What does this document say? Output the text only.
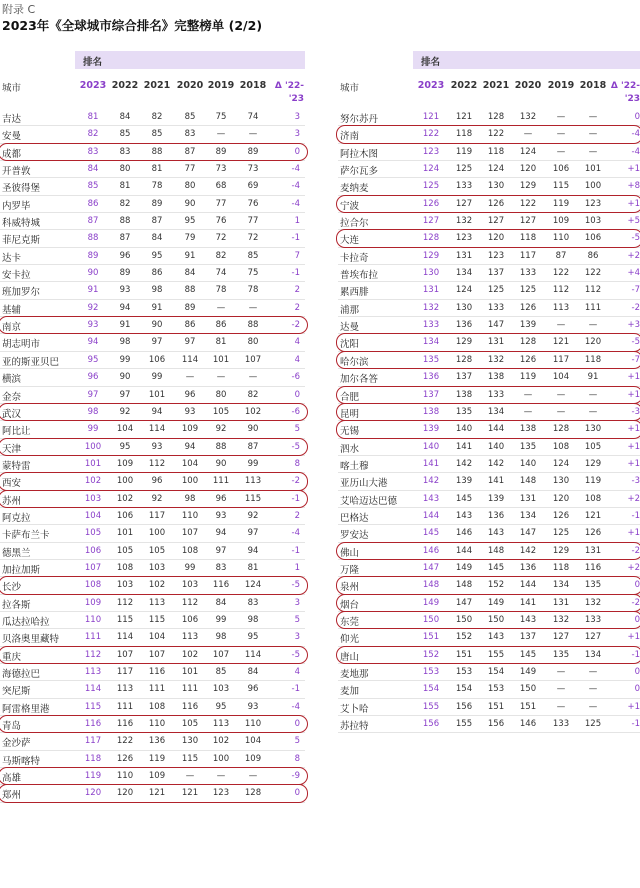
附录 C
2023年《全球城市综合排名》完整榜单 (2/2)
排名
城市	2023 2022 2021 2020 2019 2018 Δ '22-
'23
吉达	81	84	82	85	75	74	3
安曼	82	85	85	83	—	—	3
成都	83	83	88	87	89	89	0
开普敦	84	80	81	77	73	73	-4
圣彼得堡	85	81	78	80	68	69	-4
内罗毕	86	82	89	90	77	76	-4
科威特城	87	88	87	95	76	77	1
菲尼克斯	88	87	84	79	72	72	-1
达卡	89	96	95	91	82	85	7
安卡拉	90	89	86	84	74	75	-1
班加罗尔	91	93	98	88	78	78	2
基辅	92	94	91	89	—	—	2
南京	93	91	90	86	86	88	-2
胡志明市	94	98	97	97	81	80	4
亚的斯亚贝巴	95	99	106	114	101	107	4
横滨	96	90	99	—	—	—	-6
金奈	97	97	101	96	80	82	0
武汉	98	92	94	93	105	102	-6
阿比让	99	104	114	109	92	90	5
天津	100	95	93	94	88	87	-5
蒙特雷	101	109	112	104	90	99	8
西安	102	100	96	100	111	113	-2
苏州	103	102	92	98	96	115	-1
阿克拉	104	106	117	110	93	92	2
卡萨布兰卡	105	101	100	107	94	97	-4
德黑兰	106	105	105	108	97	94	-1
加拉加斯	107	108	103	99	83	81	1
长沙	108	103	102	103	116	124	-5
拉各斯	109	112	113	112	84	83	3
瓜达拉哈拉	110	115	115	106	99	98	5
贝洛奥里藏特	111	114	104	113	98	95	3
重庆	112	107	107	102	107	114	-5
海德拉巴	113	117	116	101	85	84	4
突尼斯	114	113	111	111	103	96	-1
阿雷格里港	115	111	108	116	95	93	-4
青岛	116	116	110	105	113	110	0
金沙萨	117	122	136	130	102	104	5
马斯喀特	118	126	119	115	100	109	8
高雄	119	110	109	—	—	—	-9
郑州	120	120	121	121	123	128	0
排名
城市	2023 2022 2021 2020 2019 2018 Δ '22-
'23
努尔苏丹	121	121	128	132	—	—	0
济南	122	118	122	—	—	—	-4
阿拉木图	123	119	118	124	—	—	-4
萨尔瓦多	124	125	124	120	106	101	+1
麦纳麦	125	133	130	129	115	100	+8
宁波	126	127	126	122	119	123	+1
拉合尔	127	132	127	127	109	103	+5
大连	128	123	120	118	110	106	-5
卡拉奇	129	131	123	117	87	86	+2
普埃布拉	130	134	137	133	122	122	+4
累西腓	131	124	125	125	112	112	-7
浦那	132	130	133	126	113	111	-2
达曼	133	136	147	139	—	—	+3
沈阳	134	129	131	128	121	120	-5
哈尔滨	135	128	132	126	117	118	-7
加尔各答	136	137	138	119	104	91	+1
合肥	137	138	133	—	—	—	+1
昆明	138	135	134	—	—	—	-3
无锡	139	140	144	138	128	130	+1
泗水	140	141	140	135	108	105	+1
喀土穆	141	142	142	140	124	129	+1
亚历山大港	142	139	141	148	130	119	-3
艾哈迈达巴德	143	145	139	131	120	108	+2
巴格达	144	143	136	134	126	121	-1
罗安达	145	146	143	147	125	126	+1
佛山	146	144	148	142	129	131	-2
万隆	147	149	145	136	118	116	+2
泉州	148	148	152	144	134	135	0
烟台	149	147	149	141	131	132	-2
东莞	150	150	150	143	132	133	0
仰光	151	152	143	137	127	127	+1
唐山	152	151	155	145	135	134	-1
麦地那	153	153	154	149	—	—	0
麦加	154	154	153	150	—	—	0
艾卜哈	155	156	151	151	—	—	+1
苏拉特	156	155	156	146	133	125	-1
